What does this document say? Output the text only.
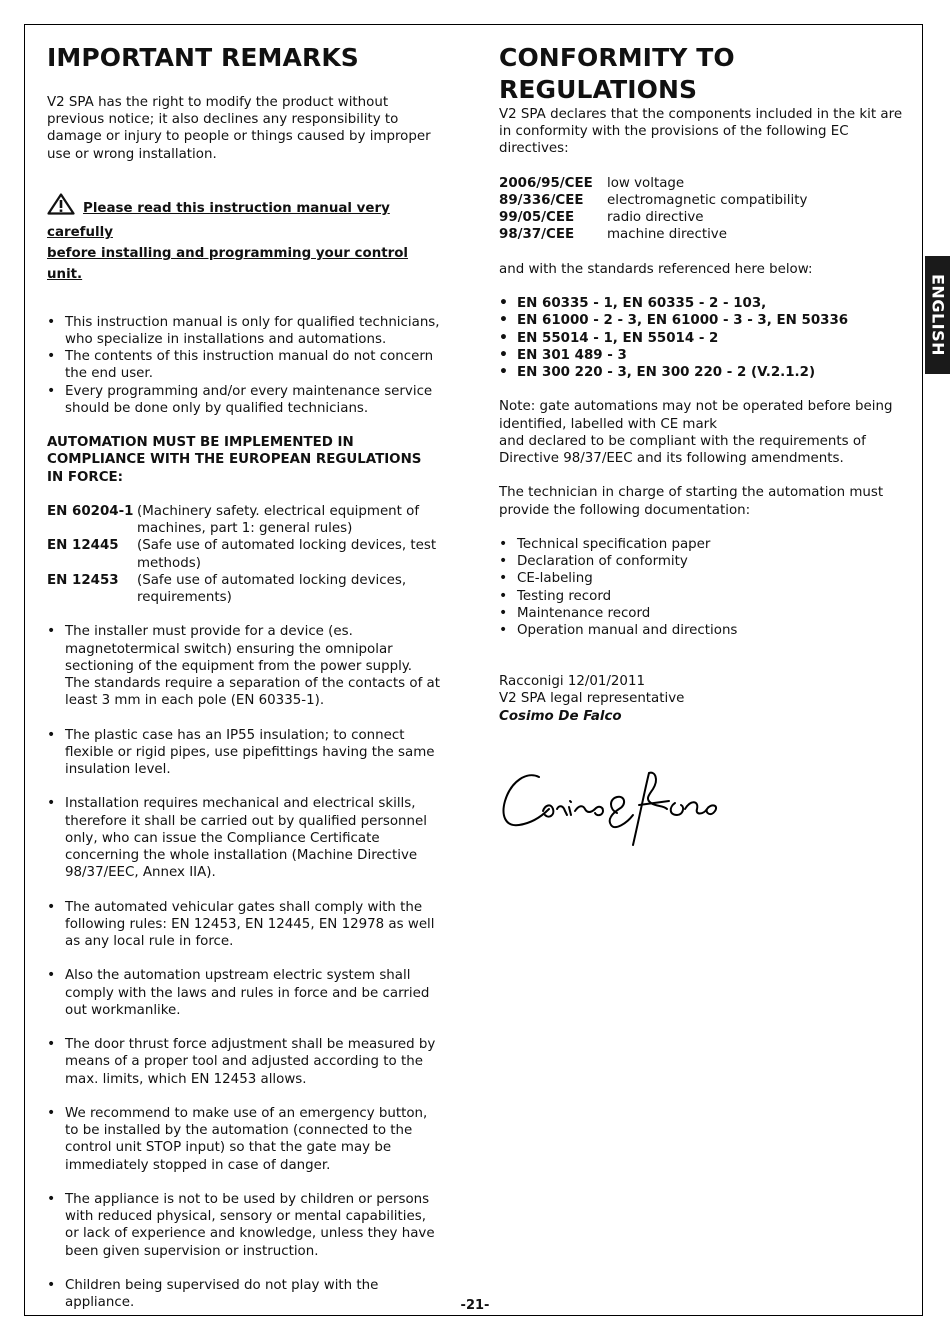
IMPORTANT REMARKS

V2 SPA has the right to modify the product without previous notice; it also declines any responsibility to damage or injury to people or things caused by improper use or wrong installation.

Please read this instruction manual very carefully
before installing and programming your control unit.
• This instruction manual is only for qualified technicians, who specialize in installations and automations.
• The contents of this instruction manual do not concern the end user.
• Every programming and/or every maintenance service should be done only by qualified technicians.

AUTOMATION MUST BE IMPLEMENTED IN COMPLIANCE WITH THE EUROPEAN REGULATIONS IN FORCE:

EN 60204-1	(Machinery safety. electrical equipment of machines, part 1: general rules)
EN 12445	(Safe use of automated locking devices, test methods)
EN 12453	(Safe use of automated locking devices, requirements)
• The installer must provide for a device (es. magnetotermical switch) ensuring the omnipolar sectioning of the equipment from the power supply.
The standards require a separation of the contacts of at least 3 mm in each pole (EN 60335-1).
• The plastic case has an IP55 insulation; to connect flexible or rigid pipes, use pipefittings having the same insulation level.
• Installation requires mechanical and electrical skills, therefore it shall be carried out by qualified personnel only, who can issue the Compliance Certificate concerning the whole installation (Machine Directive 98/37/EEC, Annex IIA).
• The automated vehicular gates shall comply with the following rules: EN 12453, EN 12445, EN 12978 as well as any local rule in force.
• Also the automation upstream electric system shall comply with the laws and rules in force and be carried out workmanlike.
• The door thrust force adjustment shall be measured by means of a proper tool and adjusted according to the max. limits, which EN 12453 allows.
• We recommend to make use of an emergency button, to be installed by the automation (connected to the control unit STOP input) so that the gate may be immediately stopped in case of danger.
• The appliance is not to be used by children or persons with reduced physical, sensory or mental capabilities, or lack of experience and knowledge, unless they have been given supervision or instruction.
• Children being supervised do not play with the appliance.
CONFORMITY TO REGULATIONS

V2 SPA declares that the components included in the kit are in conformity with the provisions of the following EC directives:

2006/95/CEE	low voltage
89/336/CEE	electromagnetic compatibility
99/05/CEE	radio directive
98/37/CEE	machine directive

and with the standards referenced here below:

• EN 60335 - 1, EN 60335 - 2 - 103,
• EN 61000 - 2 - 3, EN 61000 - 3 - 3, EN 50336
• EN 55014 - 1, EN 55014 - 2
• EN 301 489 - 3
• EN 300 220 - 3, EN 300 220 - 2 (V.2.1.2)

Note: gate automations may not be operated before being identified, labelled with CE mark

and declared to be compliant with the requirements of Directive 98/37/EEC and its following amendments.

The technician in charge of starting the automation must provide the following documentation:

• Technical specification paper
• Declaration of conformity
• CE-labeling
• Testing record
• Maintenance record
• Operation manual and directions

Racconigi 12/01/2011

V2 SPA legal representative

Cosimo De Falco

ENGLISH
-21-
